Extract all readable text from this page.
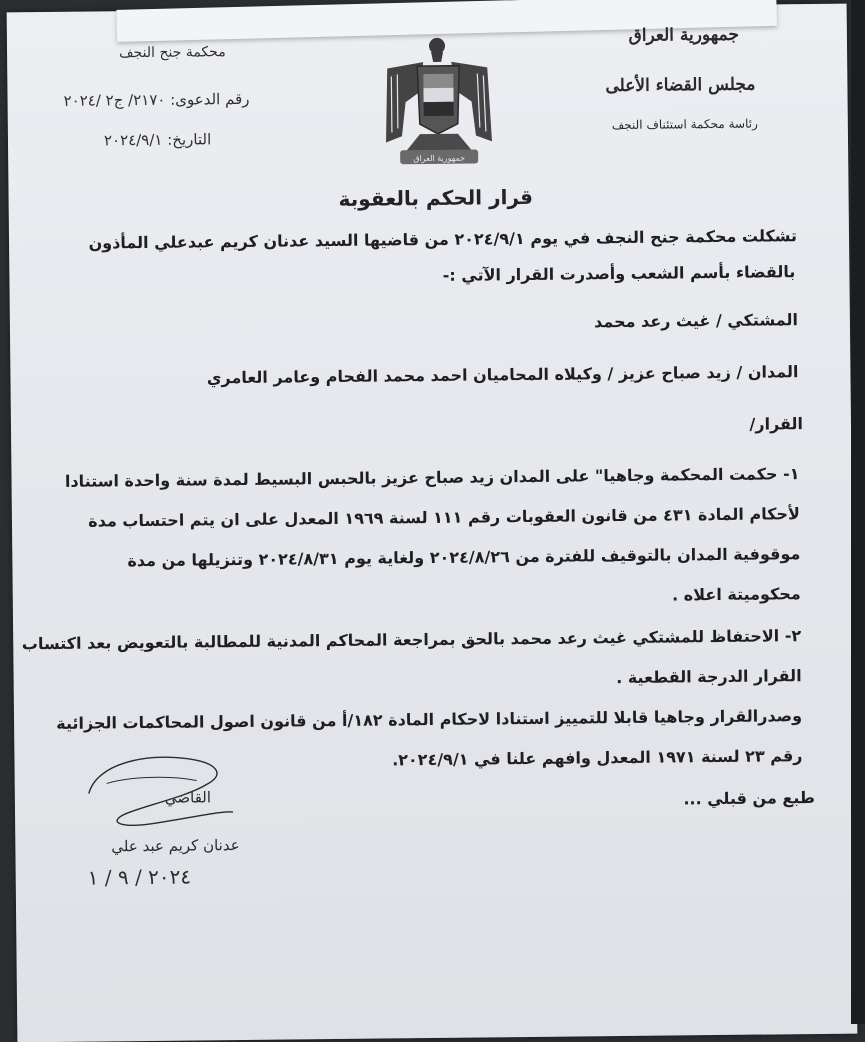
جمهورية العراق
مجلس القضاء الأعلى
رئاسة محكمة استئناف النجف
جمهورية العراق
محكمة جنح النجف
رقم الدعوى: ٢١٧٠/ ج٢ /٢٠٢٤
التاريخ: ٢٠٢٤/٩/١
قرار الحكم بالعقوبة
تشكلت محكمة جنح النجف في يوم ٢٠٢٤/٩/١ من قاضيها السيد عدنان كريم عبدعلي المأذون
بالقضاء بأسم الشعب وأصدرت القرار الآتي :-
المشتكي / غيث رعد محمد
المدان / زيد صباح عزيز / وكيلاه المحاميان احمد محمد الفحام وعامر العامري
القرار/
١- حكمت المحكمة وجاهيا" على المدان زيد صباح عزيز بالحبس البسيط لمدة سنة واحدة استنادا
لأحكام المادة ٤٣١ من قانون العقوبات رقم ١١١ لسنة ١٩٦٩ المعدل على ان يتم احتساب مدة
موقوفية المدان بالتوقيف للفترة من ٢٠٢٤/٨/٢٦ ولغاية يوم ٢٠٢٤/٨/٣١ وتنزيلها من مدة
محكوميتة اعلاه .
٢- الاحتفاظ للمشتكي غيث رعد محمد بالحق بمراجعة المحاكم المدنية للمطالبة بالتعويض بعد اكتساب
القرار الدرجة القطعية .
وصدرالقرار وجاهيا قابلا للتمييز استنادا لاحكام المادة ١٨٢/أ من قانون اصول المحاكمات الجزائية
رقم ٢٣ لسنة ١٩٧١ المعدل وافهم علنا في ٢٠٢٤/٩/١.
طبع من قبلي ...
القاضي
عدنان كريم عبد علي
٢٠٢٤ / ٩ / ١
